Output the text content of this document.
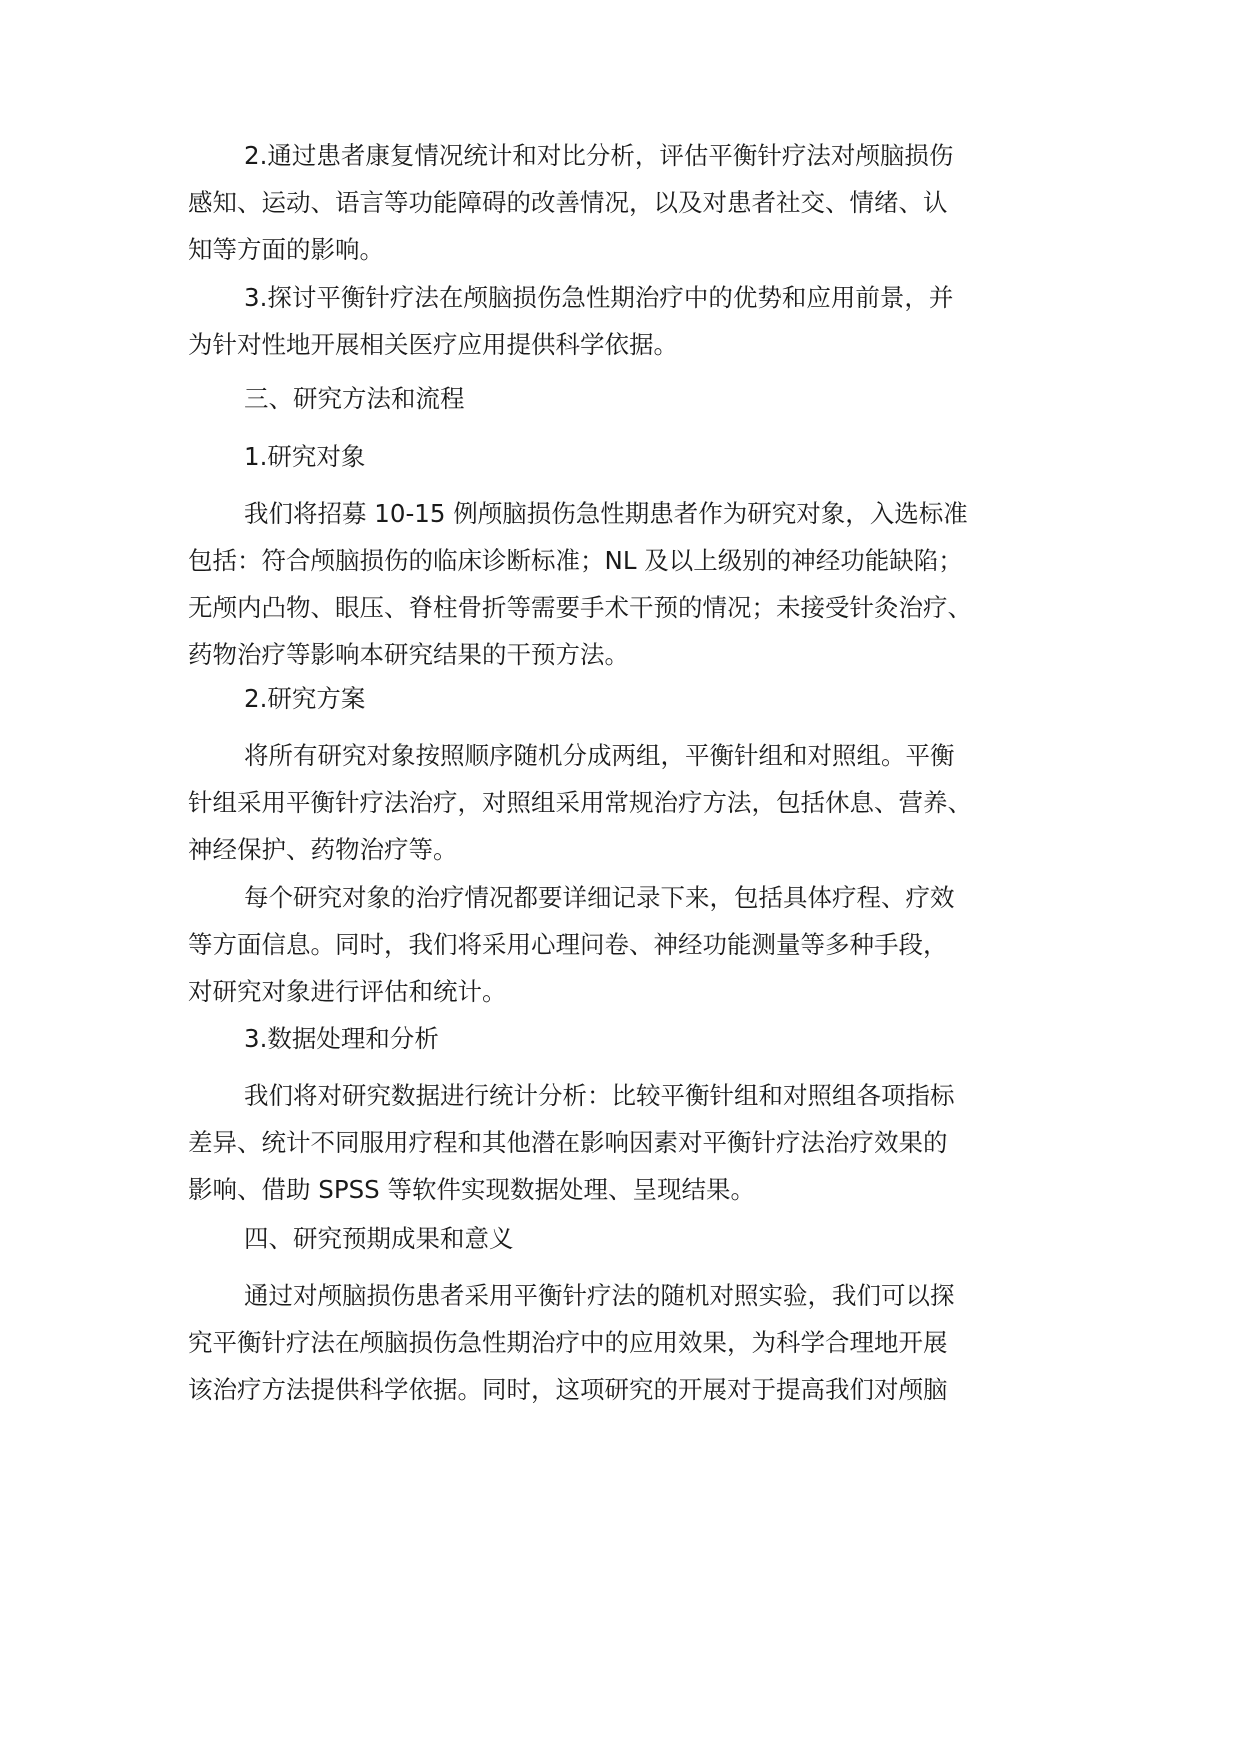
2.通过患者康复情况统计和对比分析，评估平衡针疗法对颅脑损伤
感知、运动、语言等功能障碍的改善情况，以及对患者社交、情绪、认
知等方面的影响。

3.探讨平衡针疗法在颅脑损伤急性期治疗中的优势和应用前景，并
为针对性地开展相关医疗应用提供科学依据。

三、研究方法和流程

1.研究对象

我们将招募 10-15 例颅脑损伤急性期患者作为研究对象，入选标准
包括：符合颅脑损伤的临床诊断标准；NL 及以上级别的神经功能缺陷；
无颅内凸物、眼压、脊柱骨折等需要手术干预的情况；未接受针灸治疗、
药物治疗等影响本研究结果的干预方法。

2.研究方案

将所有研究对象按照顺序随机分成两组，平衡针组和对照组。平衡
针组采用平衡针疗法治疗，对照组采用常规治疗方法，包括休息、营养、
神经保护、药物治疗等。

每个研究对象的治疗情况都要详细记录下来，包括具体疗程、疗效
等方面信息。同时，我们将采用心理问卷、神经功能测量等多种手段，
对研究对象进行评估和统计。

3.数据处理和分析

我们将对研究数据进行统计分析：比较平衡针组和对照组各项指标
差异、统计不同服用疗程和其他潜在影响因素对平衡针疗法治疗效果的
影响、借助 SPSS 等软件实现数据处理、呈现结果。

四、研究预期成果和意义

通过对颅脑损伤患者采用平衡针疗法的随机对照实验，我们可以探
究平衡针疗法在颅脑损伤急性期治疗中的应用效果，为科学合理地开展
该治疗方法提供科学依据。同时，这项研究的开展对于提高我们对颅脑
